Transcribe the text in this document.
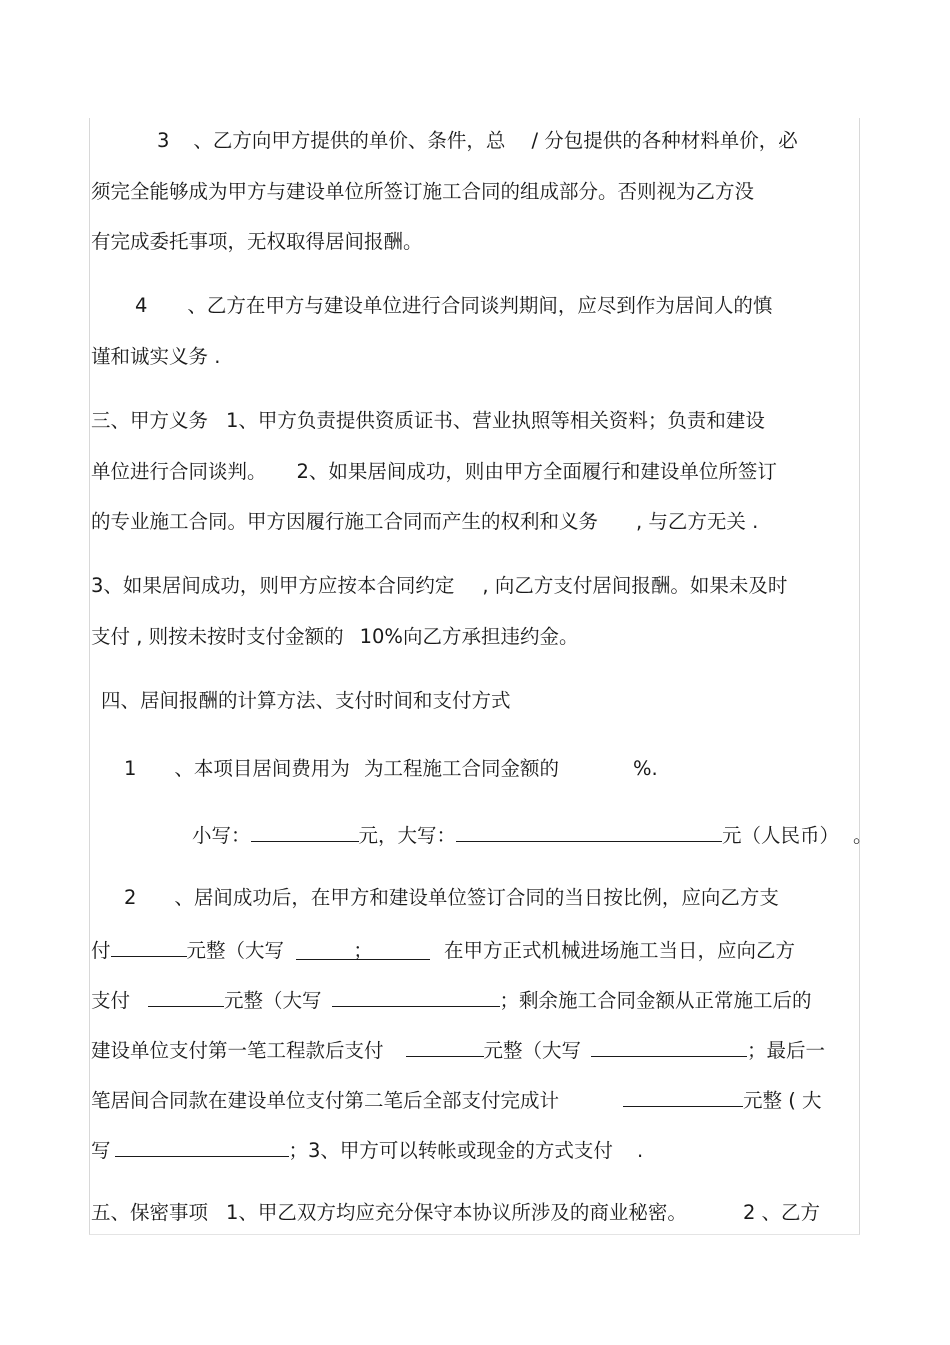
3 、乙方向甲方提供的单价、条件，总 / 分包提供的各种材料单价，必
须完全能够成为甲方与建设单位所签订施工合同的组成部分。否则视为乙方没
有完成委托事项，无权取得居间报酬。
4 、乙方在甲方与建设单位进行合同谈判期间，应尽到作为居间人的慎
谨和诚实义务 .
三、甲方义务 1、甲方负责提供资质证书、营业执照等相关资料；负责和建设
单位进行合同谈判。 2、如果居间成功，则由甲方全面履行和建设单位所签订
的专业施工合同。甲方因履行施工合同而产生的权利和义务 , 与乙方无关 .
3、如果居间成功，则甲方应按本合同约定 , 向乙方支付居间报酬。如果未及时
支付 , 则按未按时支付金额的 10%向乙方承担违约金。
四、居间报酬的计算方法、支付时间和支付方式
1 、本项目居间费用为 为工程施工合同金额的	%.
小写：	元，大写：	元（人民币） 。
2 、居间成功后，在甲方和建设单位签订合同的当日按比例，应向乙方支
付	元整（大写	；	在甲方正式机械进场施工当日，应向乙方
支付	元整（大写	；剩余施工合同金额从正常施工后的
建设单位支付第一笔工程款后支付	元整（大写	；最后一
笔居间合同款在建设单位支付第二笔后全部支付完成计	元整 ( 大
写	；3、甲方可以转帐或现金的方式支付 .
五、保密事项 1、甲乙双方均应充分保守本协议所涉及的商业秘密。	2 、乙方
